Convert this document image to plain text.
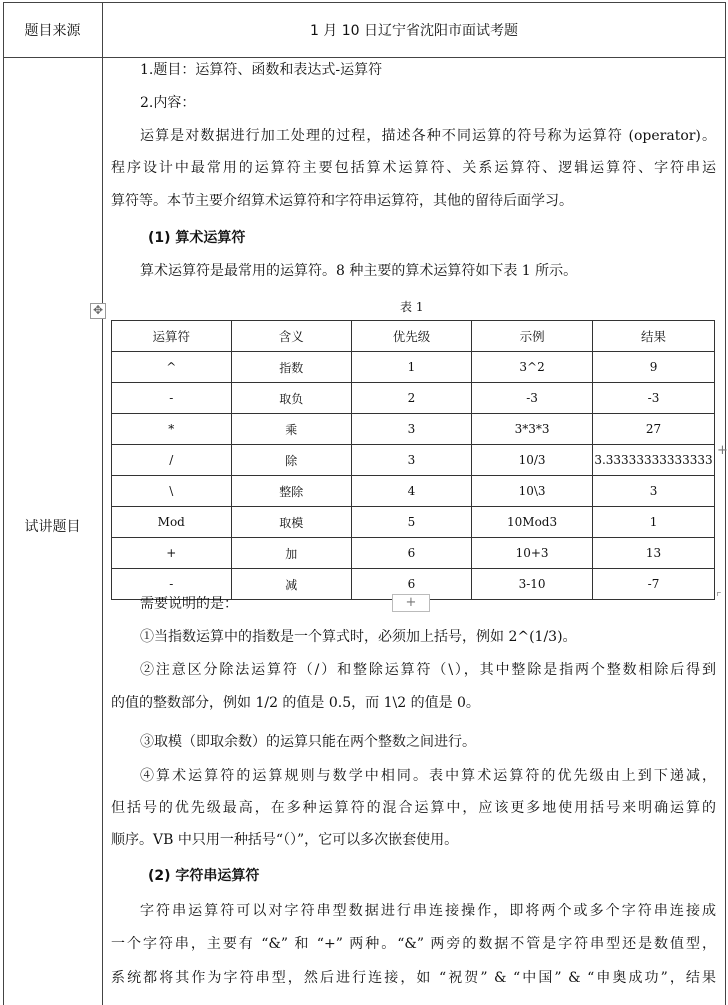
题目来源	1 月 10 日辽宁省沈阳市面试考题
试讲题目
1.题目：运算符、函数和表达式-运算符
2.内容：
运算是对数据进行加工处理的过程，描述各种不同运算的符号称为运算符 (operator)。
程序设计中最常用的运算符主要包括算术运算符、关系运算符、逻辑运算符、字符串运
算符等。本节主要介绍算术运算符和字符串运算符，其他的留待后面学习。
(1) 算术运算符
算术运算符是最常用的运算符。8 种主要的算术运算符如下表 1 所示。
表 1
运算符	含义	优先级	示例	结果
^	指数	1	3^2	9
-	取负	2	-3	-3
*	乘	3	3*3*3	27
/	除	3	10/3	3.33333333333333
\	整除	4	10\3	3
Mod	取模	5	10Mod3	1
+	加	6	10+3	13
-	减	6	3-10	-7
需要说明的是：
①当指数运算中的指数是一个算式时，必须加上括号，例如 2^(1/3)。
②注意区分除法运算符（/）和整除运算符（\），其中整除是指两个整数相除后得到
的值的整数部分，例如 1/2 的值是 0.5，而 1\2 的值是 0。
③取模（即取余数）的运算只能在两个整数之间进行。
④算术运算符的运算规则与数学中相同。表中算术运算符的优先级由上到下递减，
但括号的优先级最高，在多种运算符的混合运算中，应该更多地使用括号来明确运算的
顺序。VB 中只用一种括号“（）”，它可以多次嵌套使用。
(2) 字符串运算符
字符串运算符可以对字符串型数据进行串连接操作，即将两个或多个字符串连接成
一个字符串，主要有 “&” 和 “+” 两种。“&” 两旁的数据不管是字符串型还是数值型，
系统都将其作为字符串型，然后进行连接，如 “祝贺” & “中国” & “申奥成功”，结果
✥
+
+
⌜
